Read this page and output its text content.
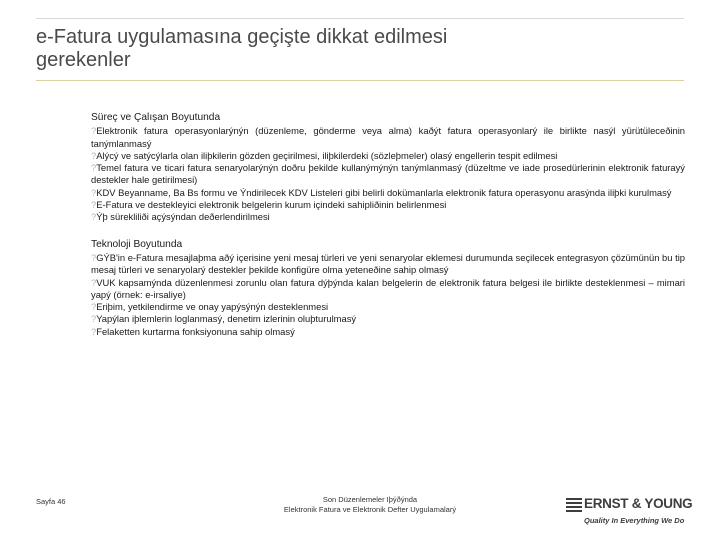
e-Fatura uygulamasına geçişte dikkat edilmesi
gerekenler
Süreç ve Çalışan Boyutunda
?Elektronik fatura operasyonlarýnýn (düzenleme, gönderme veya alma) kaðýt fatura operasyonlarý ile birlikte nasýl yürütüleceðinin tanýmlanmasý
?Alýcý ve satýcýlarla olan iliþkilerin gözden geçirilmesi, iliþkilerdeki (sözleþmeler) olasý engellerin tespit edilmesi
?Temel fatura ve ticari fatura senaryolarýnýn doðru þekilde kullanýmýnýn tanýmlanmasý (düzeltme ve iade prosedürlerinin elektronik faturayý destekler hale getirilmesi)
?KDV Beyanname, Ba Bs formu ve Ýndirilecek KDV Listeleri gibi belirli dokümanlarla elektronik fatura operasyonu arasýnda iliþki kurulmasý
?E-Fatura ve destekleyici elektronik belgelerin kurum içindeki sahipliðinin belirlenmesi
?Ýþ sürekliliði açýsýndan deðerlendirilmesi
Teknoloji Boyutunda
?GÝB'in e-Fatura mesajlaþma aðý içerisine yeni mesaj türleri ve yeni senaryolar eklemesi durumunda seçilecek entegrasyon çözümünün bu tip mesaj türleri ve senaryolarý destekler þekilde konfigüre olma yeteneðine sahip olmasý
?VUK kapsamýnda düzenlenmesi zorunlu olan fatura dýþýnda kalan belgelerin de elektronik fatura belgesi ile birlikte desteklenmesi – mimari yapý (örnek: e-irsaliye)
?Eriþim, yetkilendirme ve onay yapýsýnýn desteklenmesi
?Yapýlan iþlemlerin loglanmasý, denetim izlerinin oluþturulmasý
?Felaketten kurtarma fonksiyonuna sahip olmasý
Sayfa 46	Son Düzenlemeler Iþýðýnda
Elektronik Fatura ve Elektronik Defter Uygulamalarý	ERNST & YOUNG
Quality In Everything We Do
